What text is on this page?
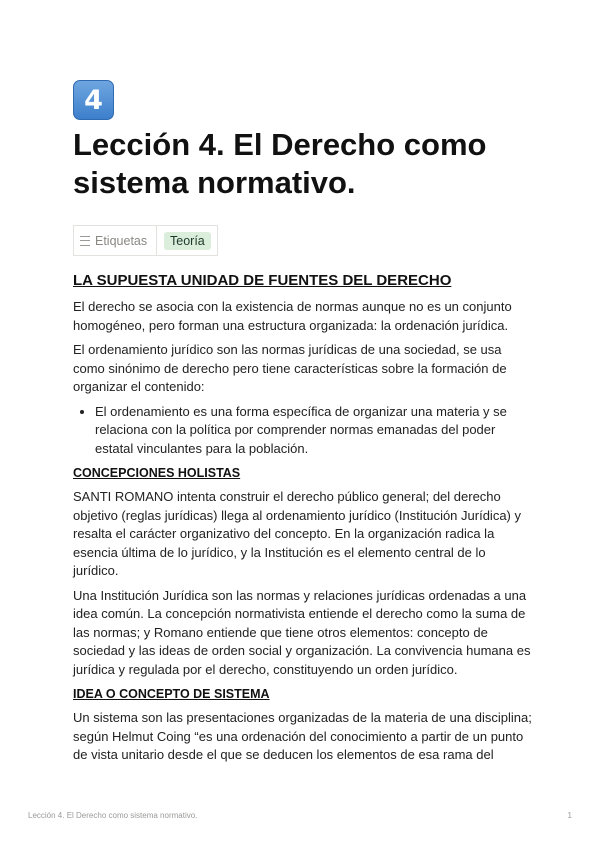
4
Lección 4. El Derecho como sistema normativo.
Etiquetas	Teoría
LA SUPUESTA UNIDAD DE FUENTES DEL DERECHO

El derecho se asocia con la existencia de normas aunque no es un conjunto homogéneo, pero forman una estructura organizada: la ordenación jurídica.

El ordenamiento jurídico son las normas jurídicas de una sociedad, se usa como sinónimo de derecho pero tiene características sobre la formación de organizar el contenido:

• El ordenamiento es una forma específica de organizar una materia y se relaciona con la política por comprender normas emanadas del poder estatal vinculantes para la población.
CONCEPCIONES HOLISTAS

SANTI ROMANO intenta construir el derecho público general; del derecho objetivo (reglas jurídicas) llega al ordenamiento jurídico (Institución Jurídica) y resalta el carácter organizativo del concepto. En la organización radica la esencia última de lo jurídico, y la Institución es el elemento central de lo jurídico.

Una Institución Jurídica son las normas y relaciones jurídicas ordenadas a una idea común. La concepción normativista entiende el derecho como la suma de las normas; y Romano entiende que tiene otros elementos: concepto de sociedad y las ideas de orden social y organización. La convivencia humana es jurídica y regulada por el derecho, constituyendo un orden jurídico.

IDEA O CONCEPTO DE SISTEMA

Un sistema son las presentaciones organizadas de la materia de una disciplina; según Helmut Coing “es una ordenación del conocimiento a partir de un punto de vista unitario desde el que se deducen los elementos de esa rama del

Lección 4. El Derecho como sistema normativo.	1
